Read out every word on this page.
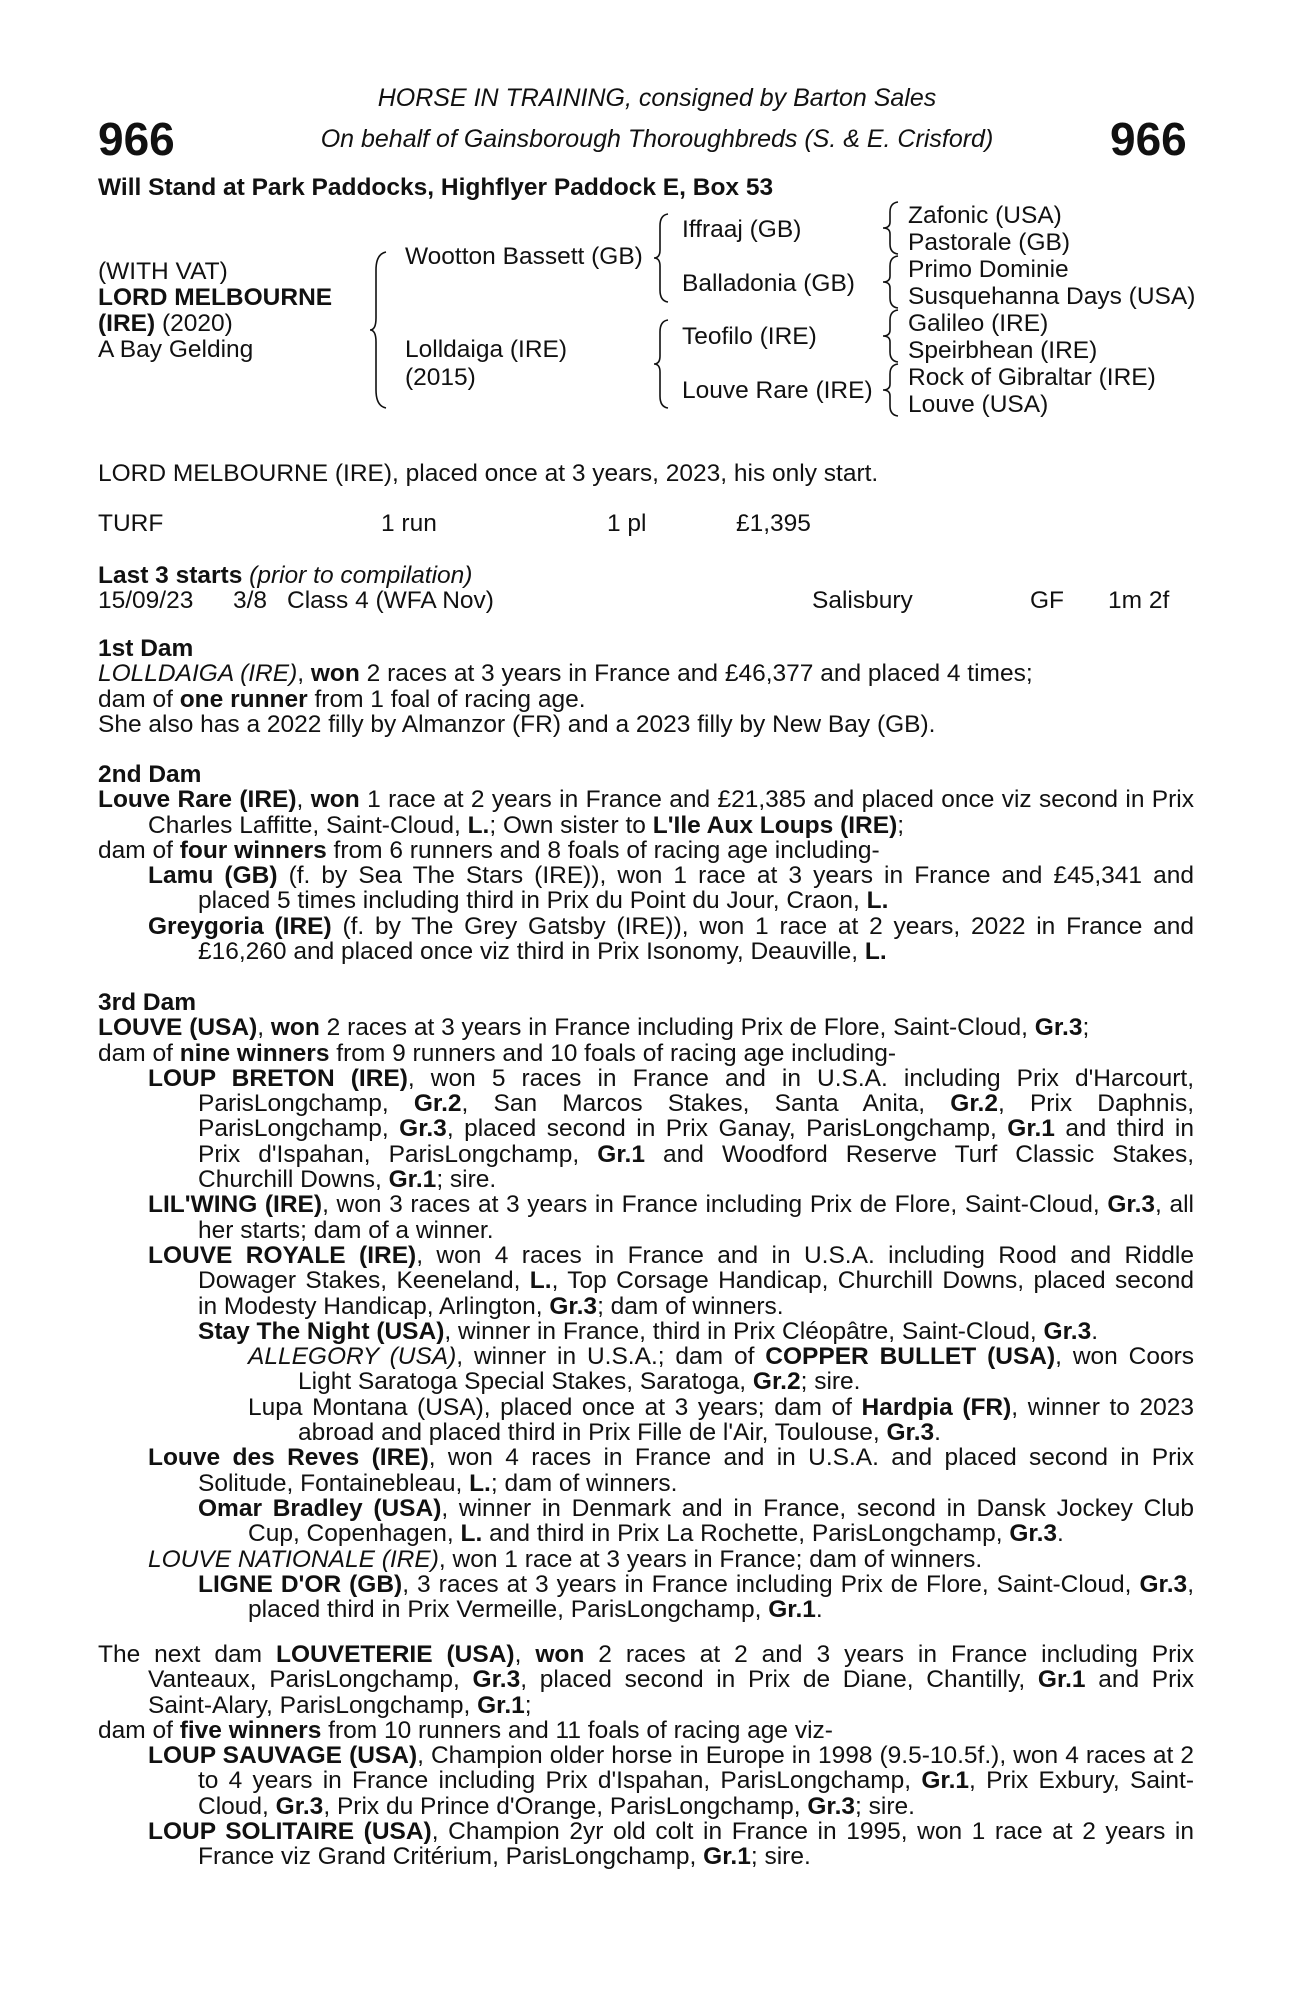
966	966
HORSE IN TRAINING, consigned by Barton Sales
On behalf of Gainsborough Thoroughbreds (S. & E. Crisford)
Will Stand at Park Paddocks, Highflyer Paddock E, Box 53
(WITH VAT)
LORD MELBOURNE
(IRE) (2020)
A Bay Gelding
Wootton Bassett (GB)
Lolldaiga (IRE)
(2015)
Iffraaj (GB)
Balladonia (GB)
Teofilo (IRE)
Louve Rare (IRE)
Zafonic (USA)
Pastorale (GB)
Primo Dominie
Susquehanna Days (USA)
Galileo (IRE)
Speirbhean (IRE)
Rock of Gibraltar (IRE)
Louve (USA)
LORD MELBOURNE (IRE), placed once at 3 years, 2023, his only start.
TURF	1 run	1 pl	£1,395
Last 3 starts (prior to compilation)
15/09/23 3/8 Class 4 (WFA Nov)	Salisbury	GF 1m 2f

1st Dam

LOLLDAIGA (IRE), won 2 races at 3 years in France and £46,377 and placed 4 times;

dam of one runner from 1 foal of racing age.

She also has a 2022 filly by Almanzor (FR) and a 2023 filly by New Bay (GB).

2nd Dam

Louve Rare (IRE), won 1 race at 2 years in France and £21,385 and placed once viz second in Prix Charles Laffitte, Saint-Cloud, L.; Own sister to L'Ile Aux Loups (IRE);

dam of four winners from 6 runners and 8 foals of racing age including-

Lamu (GB) (f. by Sea The Stars (IRE)), won 1 race at 3 years in France and £45,341 and placed 5 times including third in Prix du Point du Jour, Craon, L.

Greygoria (IRE) (f. by The Grey Gatsby (IRE)), won 1 race at 2 years, 2022 in France and £16,260 and placed once viz third in Prix Isonomy, Deauville, L.

3rd Dam

LOUVE (USA), won 2 races at 3 years in France including Prix de Flore, Saint-Cloud, Gr.3;

dam of nine winners from 9 runners and 10 foals of racing age including-

LOUP BRETON (IRE), won 5 races in France and in U.S.A. including Prix d'Harcourt, ParisLongchamp, Gr.2, San Marcos Stakes, Santa Anita, Gr.2, Prix Daphnis, ParisLongchamp, Gr.3, placed second in Prix Ganay, ParisLongchamp, Gr.1 and third in Prix d'Ispahan, ParisLongchamp, Gr.1 and Woodford Reserve Turf Classic Stakes, Churchill Downs, Gr.1; sire.

LIL'WING (IRE), won 3 races at 3 years in France including Prix de Flore, Saint-Cloud, Gr.3, all her starts; dam of a winner.

LOUVE ROYALE (IRE), won 4 races in France and in U.S.A. including Rood and Riddle Dowager Stakes, Keeneland, L., Top Corsage Handicap, Churchill Downs, placed second in Modesty Handicap, Arlington, Gr.3; dam of winners.

Stay The Night (USA), winner in France, third in Prix Cléopâtre, Saint-Cloud, Gr.3.

ALLEGORY (USA), winner in U.S.A.; dam of COPPER BULLET (USA), won Coors Light Saratoga Special Stakes, Saratoga, Gr.2; sire.

Lupa Montana (USA), placed once at 3 years; dam of Hardpia (FR), winner to 2023 abroad and placed third in Prix Fille de l'Air, Toulouse, Gr.3.

Louve des Reves (IRE), won 4 races in France and in U.S.A. and placed second in Prix Solitude, Fontainebleau, L.; dam of winners.

Omar Bradley (USA), winner in Denmark and in France, second in Dansk Jockey Club Cup, Copenhagen, L. and third in Prix La Rochette, ParisLongchamp, Gr.3.

LOUVE NATIONALE (IRE), won 1 race at 3 years in France; dam of winners.

LIGNE D'OR (GB), 3 races at 3 years in France including Prix de Flore, Saint-Cloud, Gr.3, placed third in Prix Vermeille, ParisLongchamp, Gr.1.

The next dam LOUVETERIE (USA), won 2 races at 2 and 3 years in France including Prix Vanteaux, ParisLongchamp, Gr.3, placed second in Prix de Diane, Chantilly, Gr.1 and Prix Saint-Alary, ParisLongchamp, Gr.1;

dam of five winners from 10 runners and 11 foals of racing age viz-

LOUP SAUVAGE (USA), Champion older horse in Europe in 1998 (9.5-10.5f.), won 4 races at 2 to 4 years in France including Prix d'Ispahan, ParisLongchamp, Gr.1, Prix Exbury, Saint-Cloud, Gr.3, Prix du Prince d'Orange, ParisLongchamp, Gr.3; sire.

LOUP SOLITAIRE (USA), Champion 2yr old colt in France in 1995, won 1 race at 2 years in France viz Grand Critérium, ParisLongchamp, Gr.1; sire.
